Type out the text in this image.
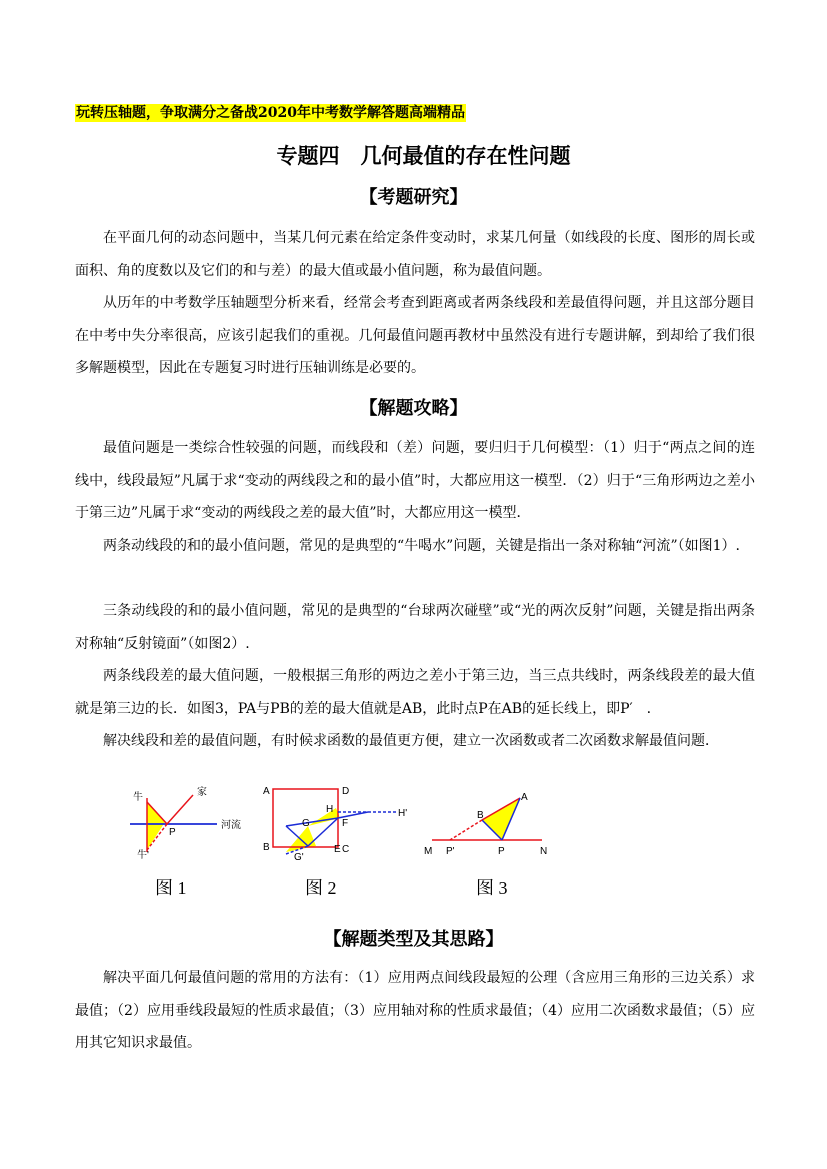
玩转压轴题，争取满分之备战2020年中考数学解答题高端精品
专题四　几何最值的存在性问题
【考题研究】
在平面几何的动态问题中，当某几何元素在给定条件变动时，求某几何量（如线段的长度、图形的周长或面积、角的度数以及它们的和与差）的最大值或最小值问题，称为最值问题。
从历年的中考数学压轴题型分析来看，经常会考查到距离或者两条线段和差最值得问题，并且这部分题目在中考中失分率很高，应该引起我们的重视。几何最值问题再教材中虽然没有进行专题讲解，到却给了我们很多解题模型，因此在专题复习时进行压轴训练是必要的。
【解题攻略】
最值问题是一类综合性较强的问题，而线段和（差）问题，要归归于几何模型：（1）归于“两点之间的连线中，线段最短”凡属于求“变动的两线段之和的最小值”时，大都应用这一模型．（2）归于“三角形两边之差小于第三边”凡属于求“变动的两线段之差的最大值”时，大都应用这一模型．
两条动线段的和的最小值问题，常见的是典型的“牛喝水”问题，关键是指出一条对称轴“河流”（如图1）.
三条动线段的和的最小值问题，常见的是典型的“台球两次碰壁”或“光的两次反射”问题，关键是指出两条对称轴“反射镜面”（如图2）.
两条线段差的最大值问题，一般根据三角形的两边之差小于第三边，当三点共线时，两条线段差的最大值就是第三边的长．如图3，PA与PB的差的最大值就是AB，此时点P在AB的延长线上，即P′　.
解决线段和差的最值问题，有时候求函数的最值更方便，建立一次函数或者二次函数求解最值问题．
牛	家
P
河流
牛'
A	D
B	C
H	H'
G	F
E
G'
B
A
M P'	P	N
图 1	图 2	图 3
【解题类型及其思路】
解决平面几何最值问题的常用的方法有：（1）应用两点间线段最短的公理（含应用三角形的三边关系）求最值；（2）应用垂线段最短的性质求最值；（3）应用轴对称的性质求最值；（4）应用二次函数求最值；（5）应用其它知识求最值。
